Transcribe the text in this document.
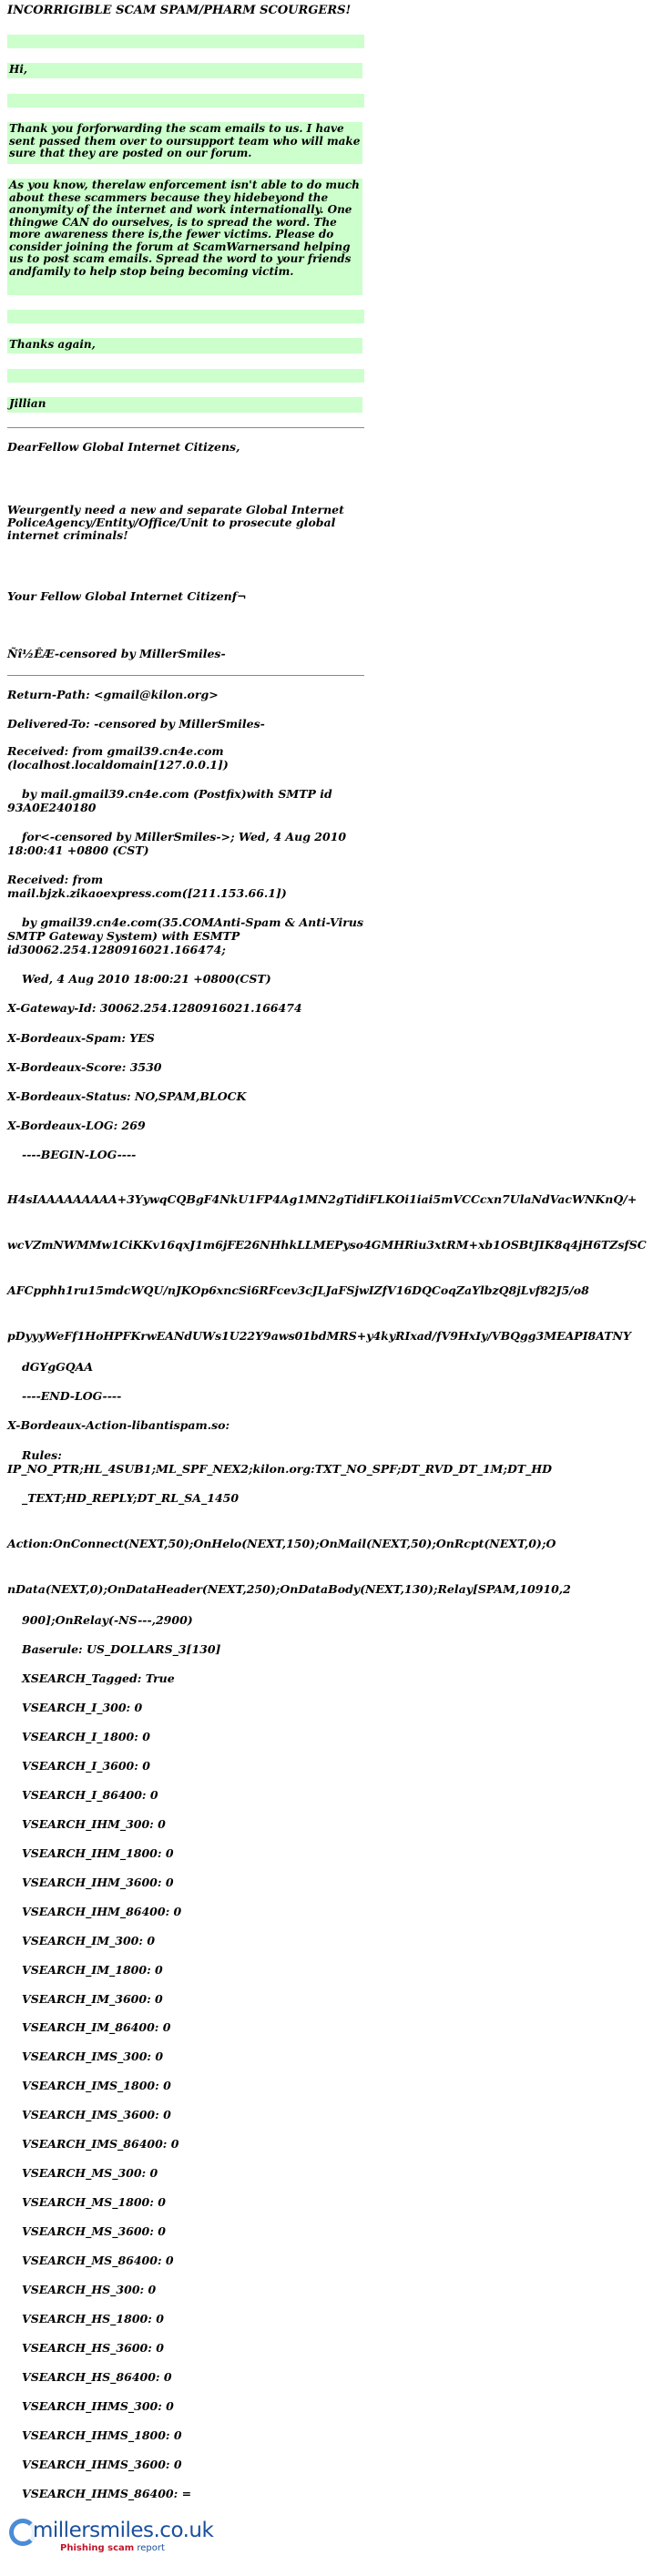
INCORRIGIBLE SCAM SPAM/PHARM SCOURGERS!
Hi,
Thank you forforwarding the scam emails to us. I have sent passed them over to oursupport team who will make sure that they are posted on our forum.
As you know, therelaw enforcement isn't able to do much about these scammers because they hidebeyond the anonymity of the internet and work internationally. One thingwe CAN do ourselves, is to spread the word. The more awareness there is,the fewer victims. Please do consider joining the forum at ScamWarnersand helping us to post scam emails. Spread the word to your friends andfamily to help stop being becoming victim.
Thanks again,
Jillian
DearFellow Global Internet Citizens,
Weurgently need a new and separate Global Internet PoliceAgency/Entity/Office/Unit to prosecute global internet criminals!
Your Fellow Global Internet Citizenf¬
Ñî½ÊÆ-censored by MillerSmiles-
Return-Path: <gmail@kilon.org>
Delivered-To: -censored by MillerSmiles-
Received: from gmail39.cn4e.com
(localhost.localdomain[127.0.0.1])
by mail.gmail39.cn4e.com (Postfix)with SMTP id
93A0E240180
for<-censored by MillerSmiles->; Wed, 4 Aug 2010
18:00:41 +0800 (CST)
Received: from
mail.bjzk.zikaoexpress.com([211.153.66.1])
by gmail39.cn4e.com(35.COMAnti-Spam & Anti-Virus
SMTP Gateway System) with ESMTP
id30062.254.1280916021.166474;
Wed, 4 Aug 2010 18:00:21 +0800(CST)
X-Gateway-Id: 30062.254.1280916021.166474
X-Bordeaux-Spam: YES
X-Bordeaux-Score: 3530
X-Bordeaux-Status: NO,SPAM,BLOCK
X-Bordeaux-LOG: 269
----BEGIN-LOG----
H4sIAAAAAAAAA+3YywqCQBgF4NkU1FP4Ag1MN2gTidiFLKOi1iai5mVCCcxn7UlaNdVacWNKnQ/+
wcVZmNWMMw1CiKKv16qxJ1m6jFE26NHhkLLMEPyso4GMHRiu3xtRM+xb1OSBtJIK8q4jH6TZsfSC
AFCpphh1ru15mdcWQU/nJKOp6xncSi6RFcev3cJLJaFSjwIZfV16DQCoqZaYlbzQ8jLvf82J5/o8
pDyyyWeFf1HoHPFKrwEANdUWs1U22Y9aws01bdMRS+y4kyRIxad/fV9HxIy/VBQgg3MEAPI8ATNY
dGYgGQAA
----END-LOG----
X-Bordeaux-Action-libantispam.so:
Rules:
IP_NO_PTR;HL_4SUB1;ML_SPF_NEX2;kilon.org:TXT_NO_SPF;DT_RVD_DT_1M;DT_HD
_TEXT;HD_REPLY;DT_RL_SA_1450
Action:OnConnect(NEXT,50);OnHelo(NEXT,150);OnMail(NEXT,50);OnRcpt(NEXT,0);O
nData(NEXT,0);OnDataHeader(NEXT,250);OnDataBody(NEXT,130);Relay[SPAM,10910,2
900];OnRelay(-NS---,2900)
Baserule: US_DOLLARS_3[130]
XSEARCH_Tagged: True
VSEARCH_I_300: 0
VSEARCH_I_1800: 0
VSEARCH_I_3600: 0
VSEARCH_I_86400: 0
VSEARCH_IHM_300: 0
VSEARCH_IHM_1800: 0
VSEARCH_IHM_3600: 0
VSEARCH_IHM_86400: 0
VSEARCH_IM_300: 0
VSEARCH_IM_1800: 0
VSEARCH_IM_3600: 0
VSEARCH_IM_86400: 0
VSEARCH_IMS_300: 0
VSEARCH_IMS_1800: 0
VSEARCH_IMS_3600: 0
VSEARCH_IMS_86400: 0
VSEARCH_MS_300: 0
VSEARCH_MS_1800: 0
VSEARCH_MS_3600: 0
VSEARCH_MS_86400: 0
VSEARCH_HS_300: 0
VSEARCH_HS_1800: 0
VSEARCH_HS_3600: 0
VSEARCH_HS_86400: 0
VSEARCH_IHMS_300: 0
VSEARCH_IHMS_1800: 0
VSEARCH_IHMS_3600: 0
VSEARCH_IHMS_86400: =
millersmiles.co.uk
Phishing scam report
